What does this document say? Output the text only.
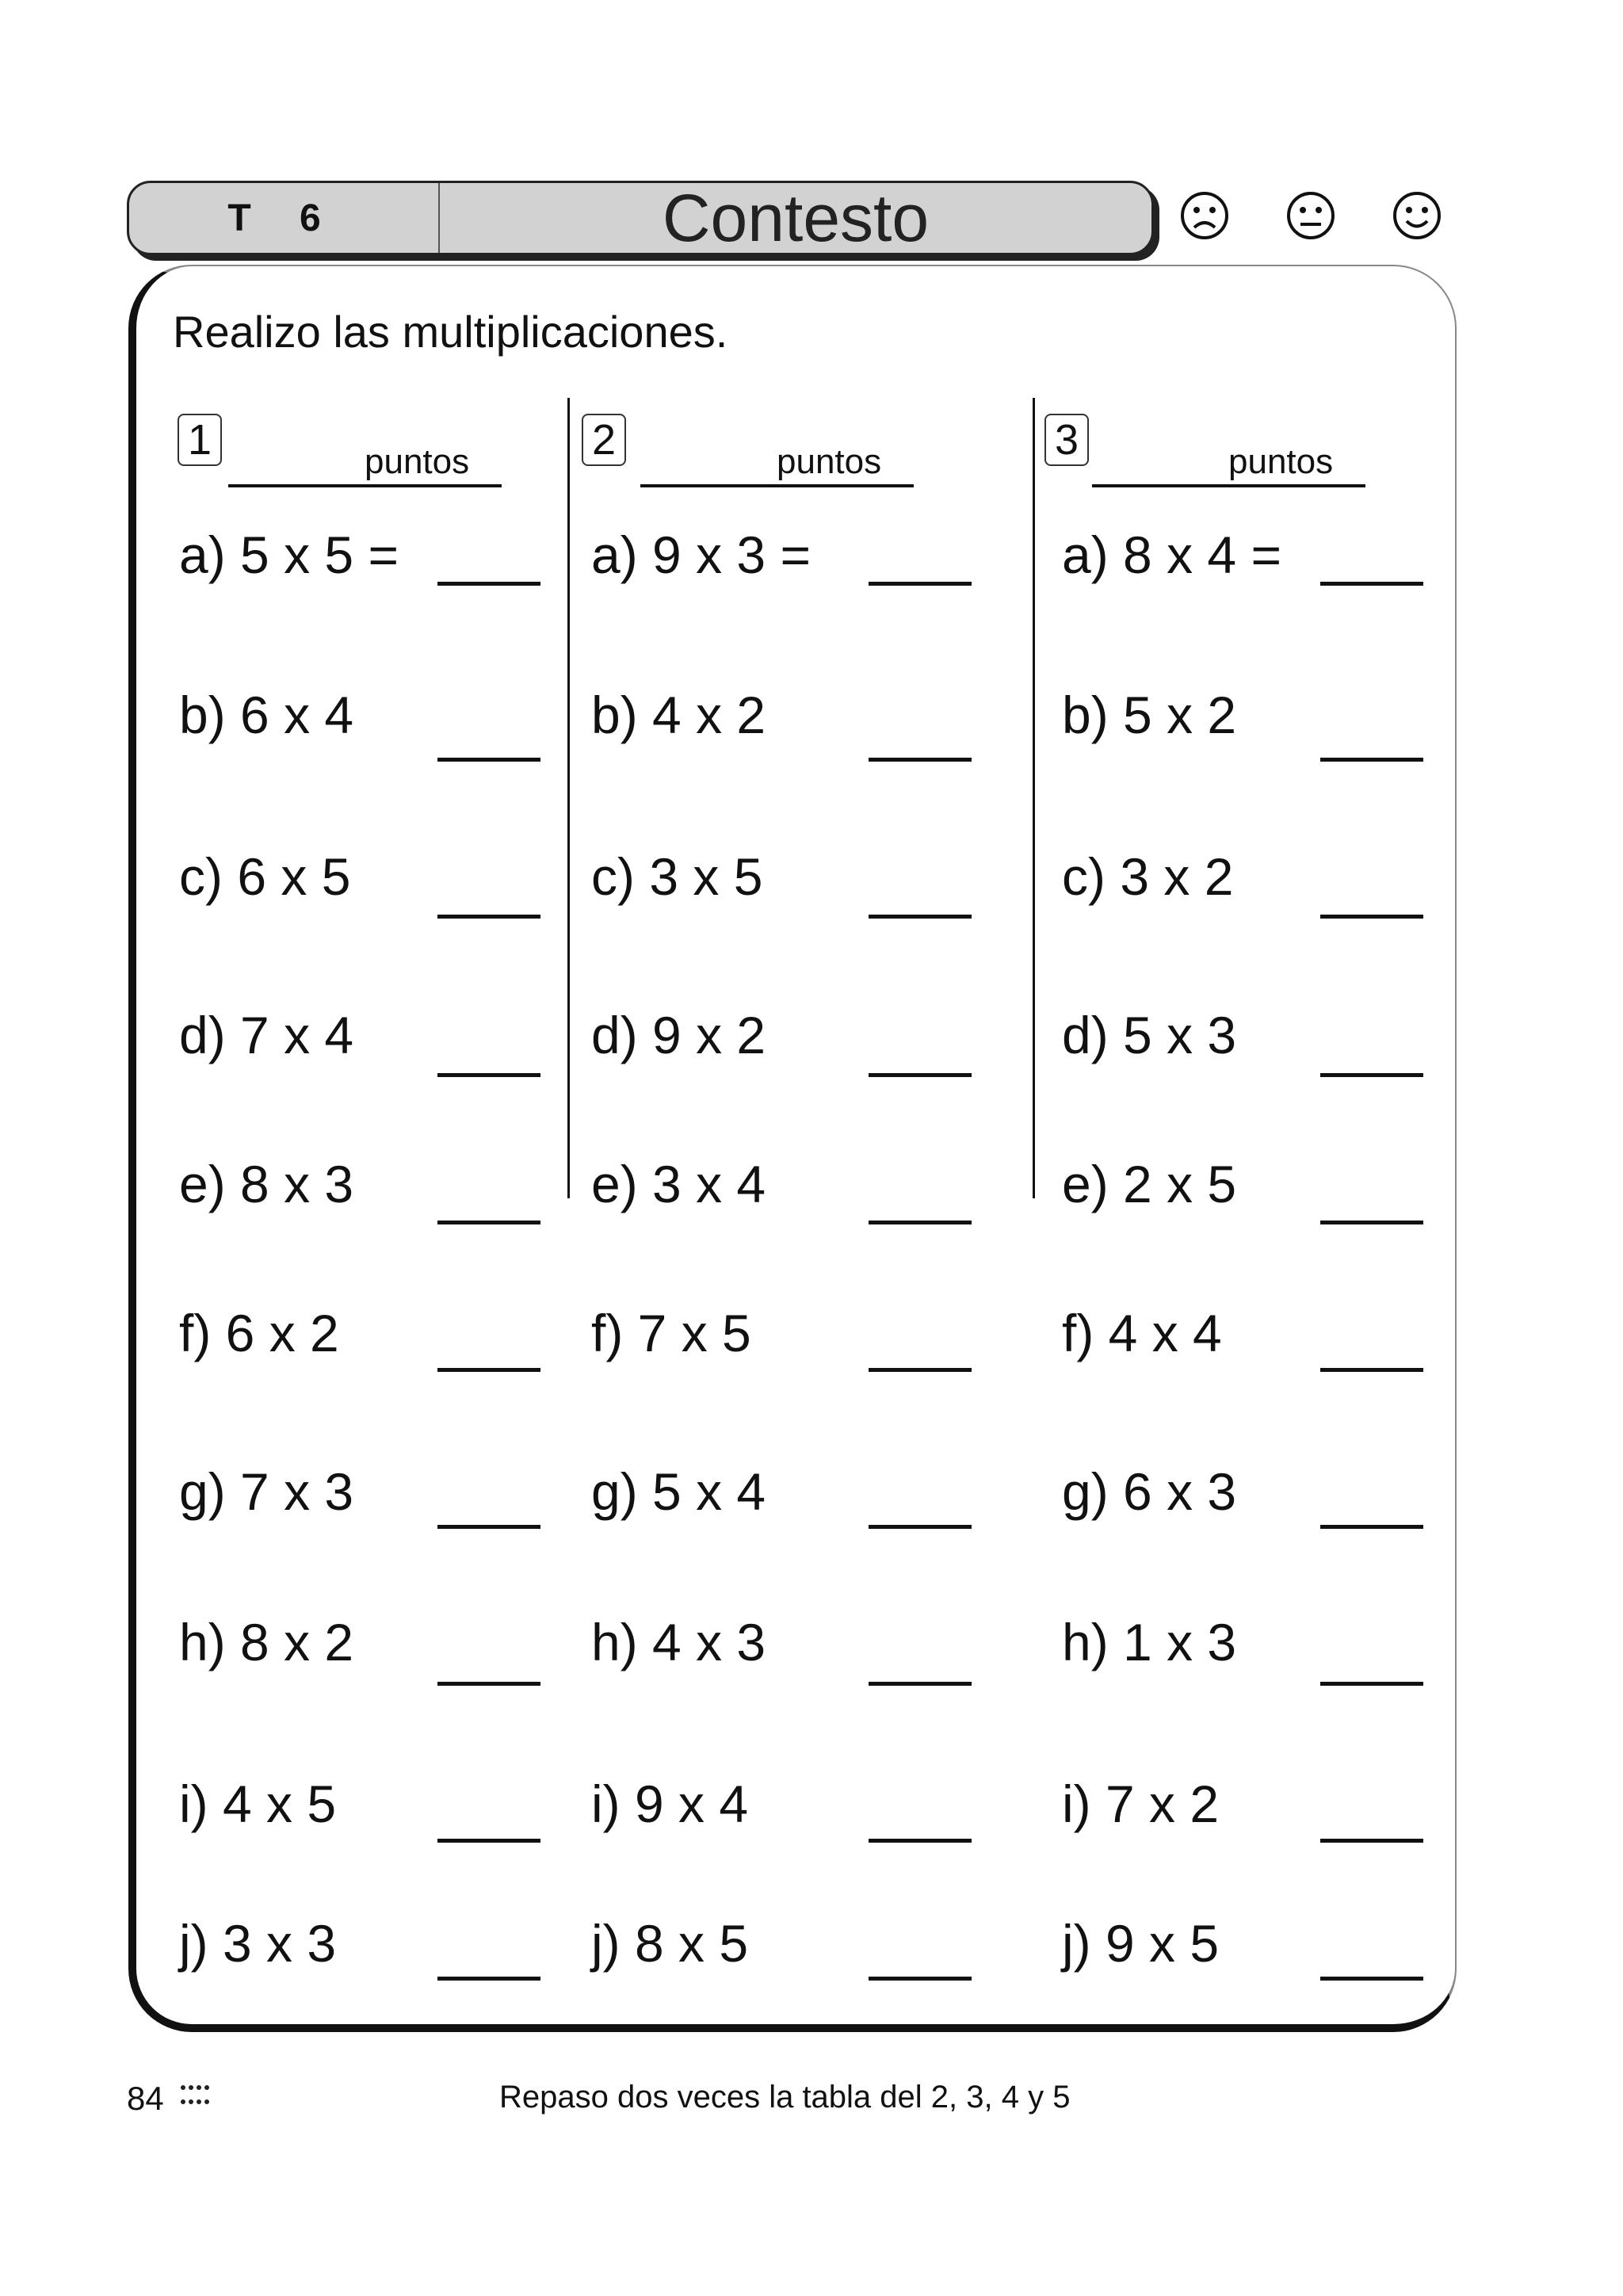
T 6	Contesto
Realizo las multiplicaciones.
1	puntos	2	puntos	3	puntos
a) 5 x 5 =
b) 6 x 4
c) 6 x 5
d) 7 x 4
e) 8 x 3
f) 6 x 2
g) 7 x 3
h) 8 x 2
i) 4 x 5
j) 3 x 3
a) 9 x 3 =
b) 4 x 2
c) 3 x 5
d) 9 x 2
e) 3 x 4
f) 7 x 5
g) 5 x 4
h) 4 x 3
i) 9 x 4
j) 8 x 5
a) 8 x 4 =
b) 5 x 2
c) 3 x 2
d) 5 x 3
e) 2 x 5
f) 4 x 4
g) 6 x 3
h) 1 x 3
i) 7 x 2
j) 9 x 5
84	Repaso dos veces la tabla del 2, 3, 4 y 5
